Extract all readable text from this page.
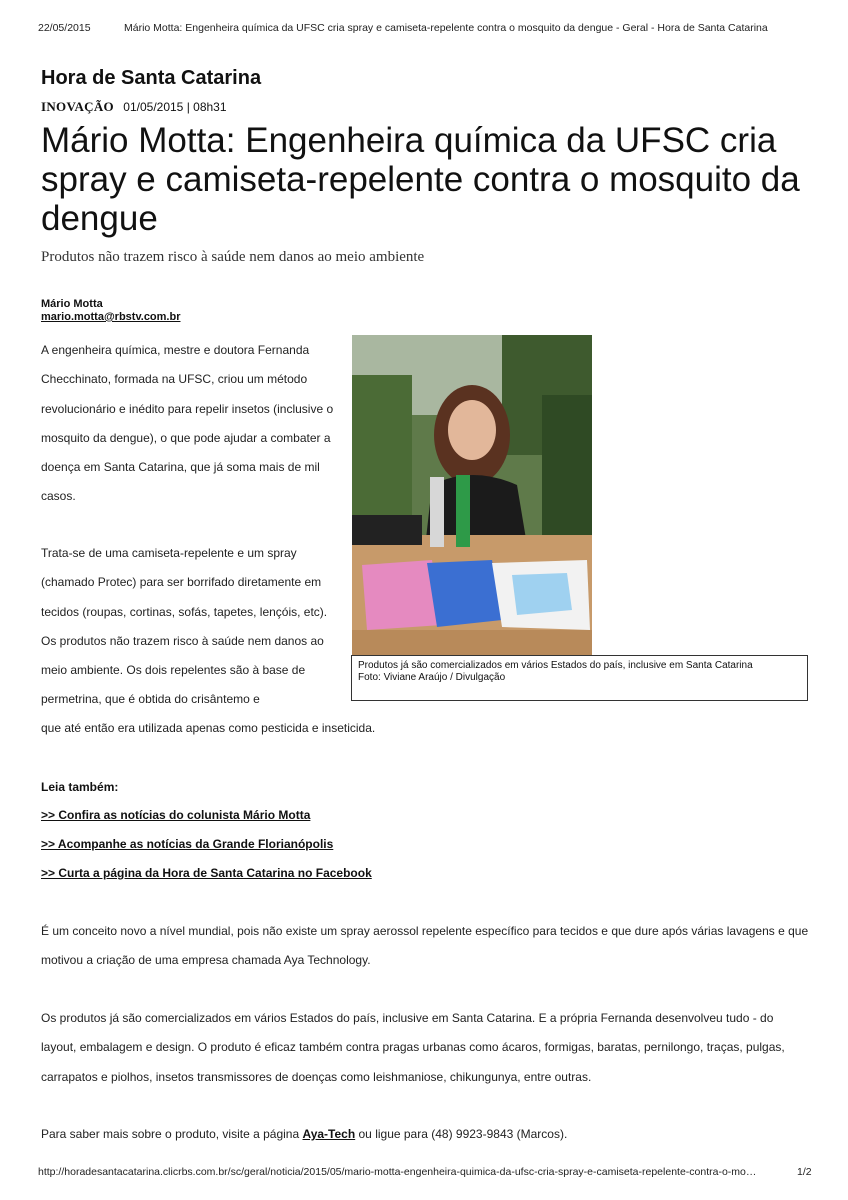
22/05/2015	Mário Motta: Engenheira química da UFSC cria spray e camiseta-repelente contra o mosquito da dengue - Geral - Hora de Santa Catarina
Hora de Santa Catarina
INOVAÇÃO 01/05/2015 | 08h31
Mário Motta: Engenheira química da UFSC cria spray e camiseta-repelente contra o mosquito da dengue
Produtos não trazem risco à saúde nem danos ao meio ambiente
Mário Motta
mario.motta@rbstv.com.br
A engenheira química, mestre e doutora Fernanda Checchinato, formada na UFSC, criou um método revolucionário e inédito para repelir insetos (inclusive o mosquito da dengue), o que pode ajudar a combater a doença em Santa Catarina, que já soma mais de mil casos.
Trata-se de uma camiseta-repelente e um spray (chamado Protec) para ser borrifado diretamente em tecidos (roupas, cortinas, sofás, tapetes, lençóis, etc). Os produtos não trazem risco à saúde nem danos ao meio ambiente. Os dois repelentes são à base de permetrina, que é obtida do crisântemo e
que até então era utilizada apenas como pesticida e inseticida.
Produtos já são comercializados em vários Estados do país, inclusive em Santa Catarina
Foto: Viviane Araújo / Divulgação
Leia também:
>> Confira as notícias do colunista Mário Motta
>> Acompanhe as notícias da Grande Florianópolis
>> Curta a página da Hora de Santa Catarina no Facebook
É um conceito novo a nível mundial, pois não existe um spray aerossol repelente específico para tecidos e que dure após várias lavagens e que motivou a criação de uma empresa chamada Aya Technology.
Os produtos já são comercializados em vários Estados do país, inclusive em Santa Catarina. E a própria Fernanda desenvolveu tudo - do layout, embalagem e design. O produto é eficaz também contra pragas urbanas como ácaros, formigas, baratas, pernilongo, traças, pulgas, carrapatos e piolhos, insetos transmissores de doenças como leishmaniose, chikungunya, entre outras.
Para saber mais sobre o produto, visite a página Aya-Tech ou ligue para (48) 9923-9843 (Marcos).
http://horadesantacatarina.clicrbs.com.br/sc/geral/noticia/2015/05/mario-motta-engenheira-quimica-da-ufsc-cria-spray-e-camiseta-repelente-contra-o-mo…	1/2
